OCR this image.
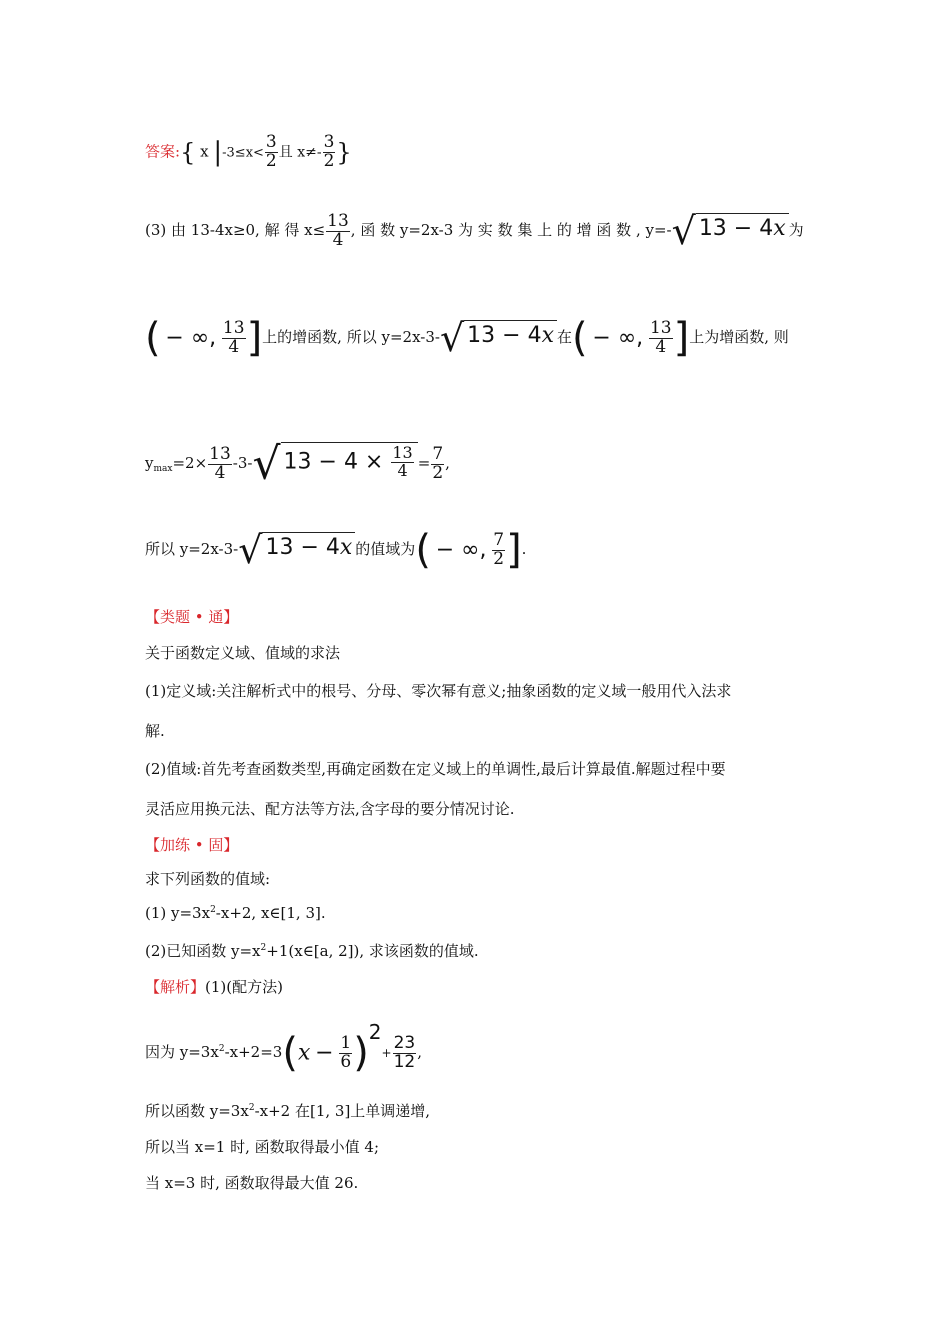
答案:{ x $|-3\le x< \frac{3}{2}$ 且 $x\ne- \frac{3}{2}$ }
(3) 由 13-4x≥0, 解 得 $x\le \frac{13}{4}$ , 函 数 y=2x-3 为 实 数 集 上 的 增 函 数 , y=-√ 13 − 4x 为
( − ∞, $\frac{13}{4}$ ]上的增函数, 所以 y=2x-3-√ 13 − 4x 在( − ∞, $\frac{13}{4}$ ]上为增函数, 则
$y_{max}=2\times \frac{13}{4} -3-√$ $13 - 4 \times \frac{13}{4} = \frac{7}{2}$ ,
所以 y=2x-3-√ 13 − 4x 的值域为( − ∞, $\frac{7}{2}$ ].
【类题 • 通】
关于函数定义域、值域的求法
(1)定义域:关注解析式中的根号、分母、零次幂有意义;抽象函数的定义域一般用代入法求
解.
(2)值域:首先考查函数类型,再确定函数在定义域上的单调性,最后计算最值.解题过程中要
灵活应用换元法、配方法等方法,含字母的要分情况讨论.
【加练 • 固】
求下列函数的值域:
(1) $y=3x^2-x+2$, x∈[1, 3].
(2)已知函数 $y=x^2+1(x\in[a$, 2]), 求该函数的值域.
【解析】(1)(配方法)
因为 $y=3x^2-x+2=3(x - \frac{1}{6} )2+ \frac{23}{12}$ ,
所以函数 $y=3x^2-x+2$ 在[1, 3]上单调递增,
所以当 x=1 时, 函数取得最小值 4;
当 x=3 时, 函数取得最大值 26.
